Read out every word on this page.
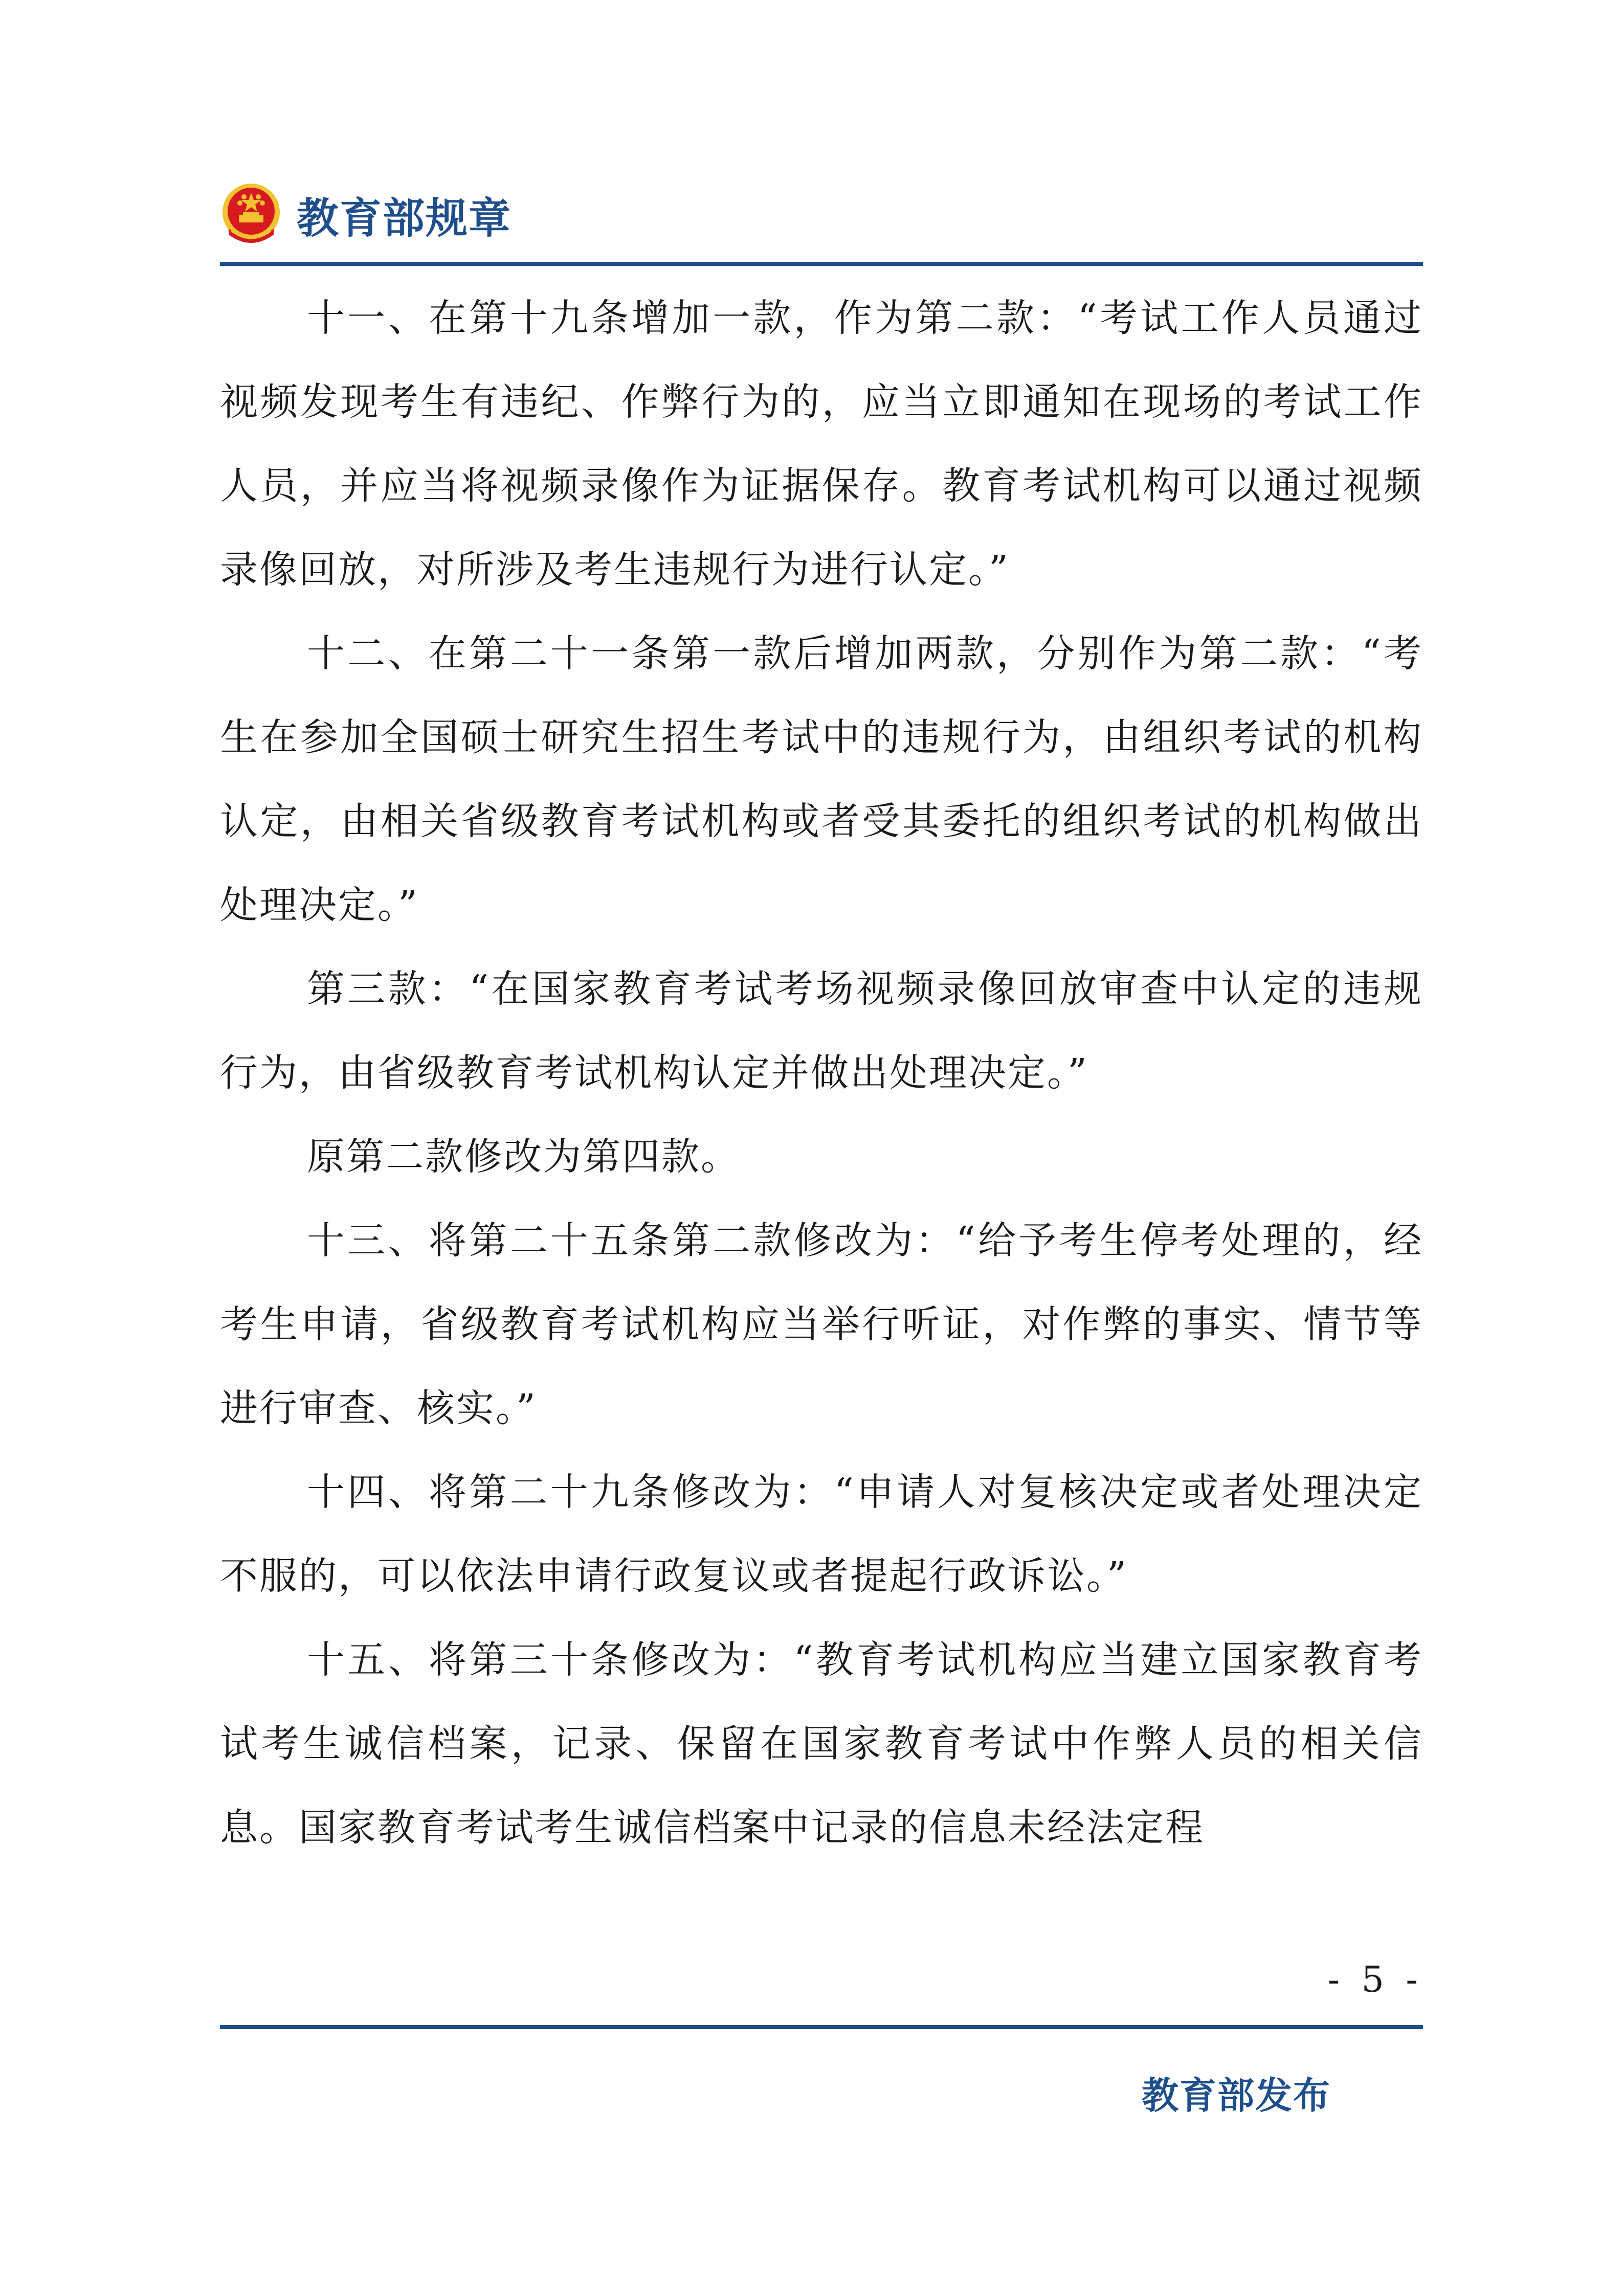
教育部规章

十一、在第十九条增加一款，作为第二款：“考试工作人员通过视频发现考生有违纪、作弊行为的，应当立即通知在现场的考试工作人员，并应当将视频录像作为证据保存。教育考试机构可以通过视频录像回放，对所涉及考生违规行为进行认定。”

十二、在第二十一条第一款后增加两款，分别作为第二款：“考生在参加全国硕士研究生招生考试中的违规行为，由组织考试的机构认定，由相关省级教育考试机构或者受其委托的组织考试的机构做出处理决定。”

第三款：“在国家教育考试考场视频录像回放审查中认定的违规行为，由省级教育考试机构认定并做出处理决定。”

原第二款修改为第四款。

十三、将第二十五条第二款修改为：“给予考生停考处理的，经考生申请，省级教育考试机构应当举行听证，对作弊的事实、情节等进行审查、核实。”

十四、将第二十九条修改为：“申请人对复核决定或者处理决定不服的，可以依法申请行政复议或者提起行政诉讼。”

十五、将第三十条修改为：“教育考试机构应当建立国家教育考试考生诚信档案，记录、保留在国家教育考试中作弊人员的相关信息。国家教育考试考生诚信档案中记录的信息未经法定程

- 5 -
教育部发布
